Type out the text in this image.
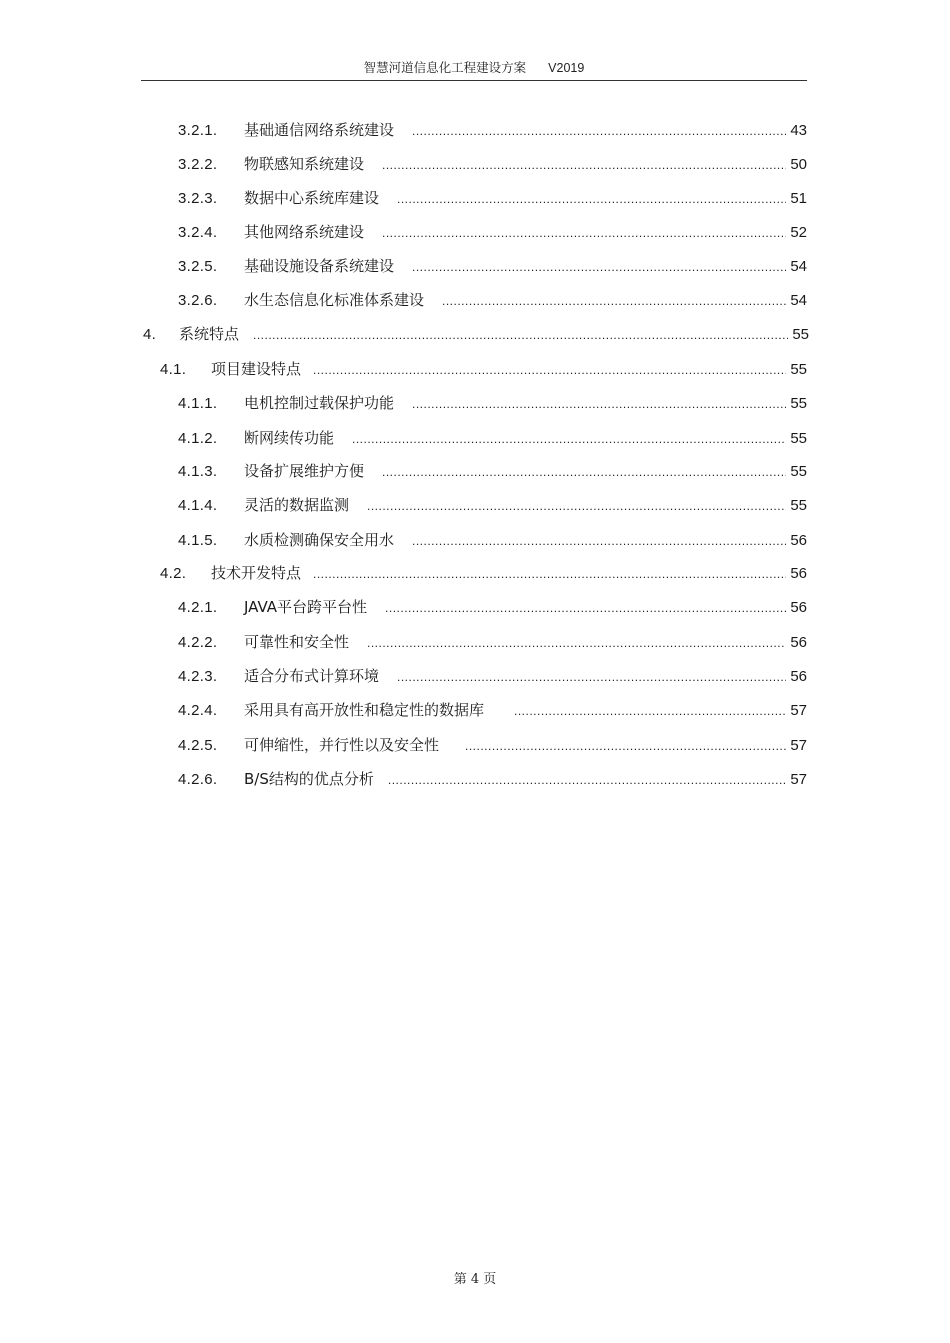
智慧河道信息化工程建设方案 V2019
3.2.1.	基础通信网络系统建设 .....	43
3.2.2.	物联感知系统建设 .....	50
3.2.3.	数据中心系统库建设 .....	51
3.2.4.	其他网络系统建设 .....	52
3.2.5.	基础设施设备系统建设 .....	54
3.2.6.	水生态信息化标准体系建设 .....	54
4.	系统特点 .....	55
4.1.	项目建设特点 .....	55
4.1.1.	电机控制过载保护功能 .....	55
4.1.2.	断网续传功能 .....	55
4.1.3.	设备扩展维护方便 .....	55
4.1.4.	灵活的数据监测 .....	55
4.1.5.	水质检测确保安全用水 .....	56
4.2.	技术开发特点 .....	56
4.2.1.	JAVA平台跨平台性 .....	56
4.2.2.	可靠性和安全性 .....	56
4.2.3.	适合分布式计算环境 .....	56
4.2.4.	采用具有高开放性和稳定性的数据库 .....	57
4.2.5.	可伸缩性，并行性以及安全性 .....	57
4.2.6.	B/S结构的优点分析 .....	57
第 4 页
